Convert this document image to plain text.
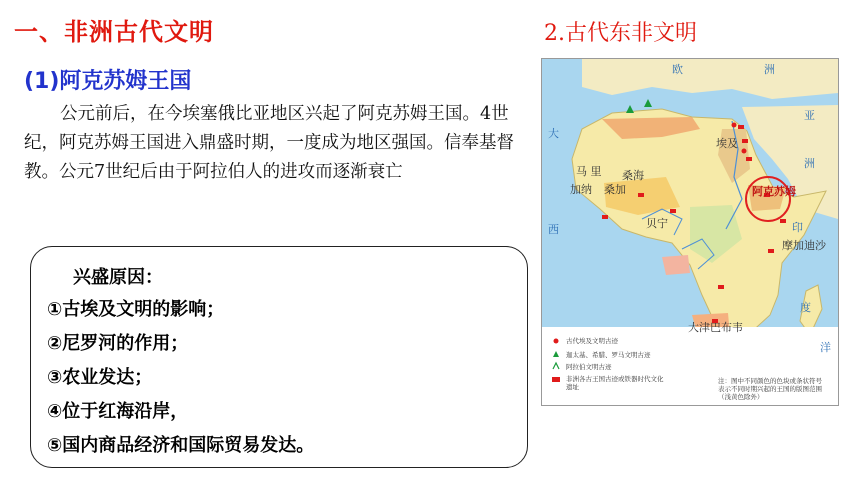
一、非洲古代文明
(1)阿克苏姆王国
公元前后，在今埃塞俄比亚地区兴起了阿克苏姆王国。4世纪，阿克苏姆王国进入鼎盛时期，一度成为地区强国。信奉基督教。公元7世纪后由于阿拉伯人的进攻而逐渐衰亡
兴盛原因：
①古埃及文明的影响；
②尼罗河的作用；
③农业发达；
④位于红海沿岸，
⑤国内商品经济和国际贸易发达。
2.古代东非文明
欧	洲
亚
洲
大
西	印
度
洋
埃及
马 里 桑海
加纳 桑加
贝宁
阿克苏姆
摩加迪沙
大津巴布韦
古代埃及文明古迹
迦太基、希腊、罗马文明古迹
阿拉伯文明古迹
非洲各古王国古迹或铁器时代文化遗址
注：图中不同颜色的色块或条状符号表示不同时期兴起的王国的版图范围（浅黄色除外）
